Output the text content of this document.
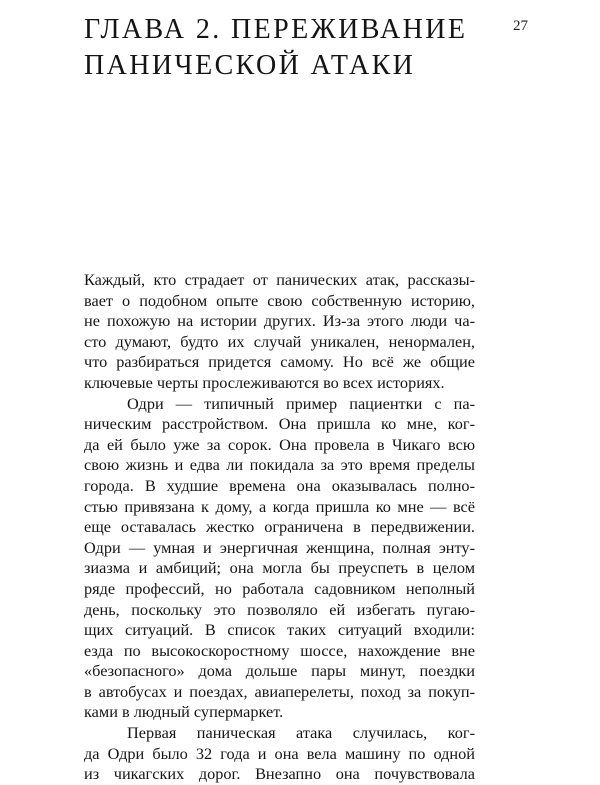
27
ГЛАВА 2. ПЕРЕЖИВАНИЕ
ПАНИЧЕСКОЙ АТАКИ
Каждый, кто страдает от панических атак, рассказы-
вает о подобном опыте свою собственную историю,
не похожую на истории других. Из-за этого люди ча-
сто думают, будто их случай уникален, ненормален,
что разбираться придется самому. Но всё же общие
ключевые черты прослеживаются во всех историях.
Одри — типичный пример пациентки с па-
ническим расстройством. Она пришла ко мне, ког-
да ей было уже за сорок. Она провела в Чикаго всю
свою жизнь и едва ли покидала за это время пределы
города. В худшие времена она оказывалась полно-
стью привязана к дому, а когда пришла ко мне — всё
еще оставалась жестко ограничена в передвижении.
Одри — умная и энергичная женщина, полная энту-
зиазма и амбиций; она могла бы преуспеть в целом
ряде профессий, но работала садовником неполный
день, поскольку это позволяло ей избегать пугаю-
щих ситуаций. В список таких ситуаций входили:
езда по высокоскоростному шоссе, нахождение вне
«безопасного» дома дольше пары минут, поездки
в автобусах и поездах, авиаперелеты, поход за покуп-
ками в людный супермаркет.
Первая паническая атака случилась, ког-
да Одри было 32 года и она вела машину по одной
из чикагских дорог. Внезапно она почувствовала
